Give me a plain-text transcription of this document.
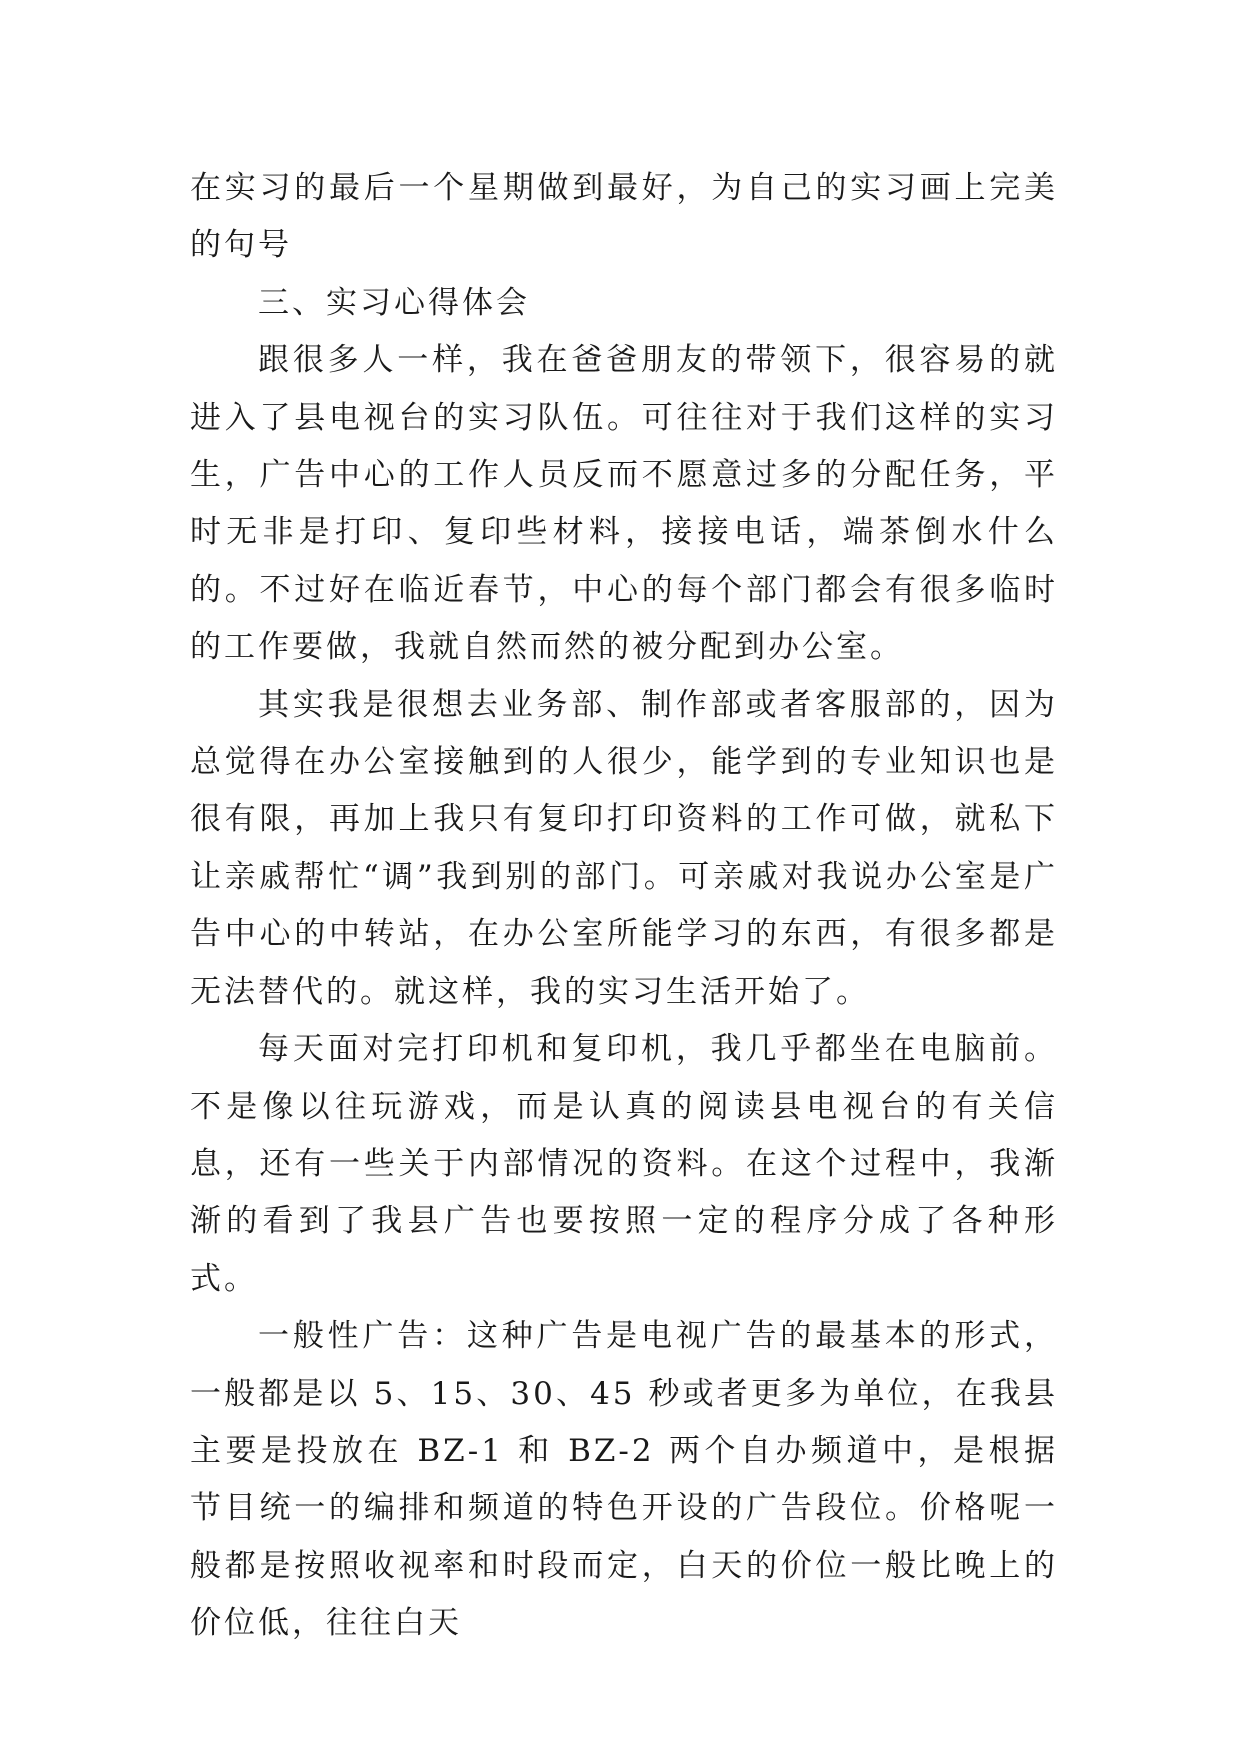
在实习的最后一个星期做到最好，为自己的实习画上完美的句号

三、实习心得体会

跟很多人一样，我在爸爸朋友的带领下，很容易的就进入了县电视台的实习队伍。可往往对于我们这样的实习生，广告中心的工作人员反而不愿意过多的分配任务，平时无非是打印、复印些材料，接接电话，端茶倒水什么的。不过好在临近春节，中心的每个部门都会有很多临时的工作要做，我就自然而然的被分配到办公室。

其实我是很想去业务部、制作部或者客服部的，因为总觉得在办公室接触到的人很少，能学到的专业知识也是很有限，再加上我只有复印打印资料的工作可做，就私下让亲戚帮忙“调”我到别的部门。可亲戚对我说办公室是广告中心的中转站，在办公室所能学习的东西，有很多都是无法替代的。就这样，我的实习生活开始了。

每天面对完打印机和复印机，我几乎都坐在电脑前。不是像以往玩游戏，而是认真的阅读县电视台的有关信息，还有一些关于内部情况的资料。在这个过程中，我渐渐的看到了我县广告也要按照一定的程序分成了各种形式。

一般性广告：这种广告是电视广告的最基本的形式，一般都是以 5、15、30、45 秒或者更多为单位，在我县主要是投放在 BZ-1 和 BZ-2 两个自办频道中，是根据节目统一的编排和频道的特色开设的广告段位。价格呢一般都是按照收视率和时段而定，白天的价位一般比晚上的价位低，往往白天
